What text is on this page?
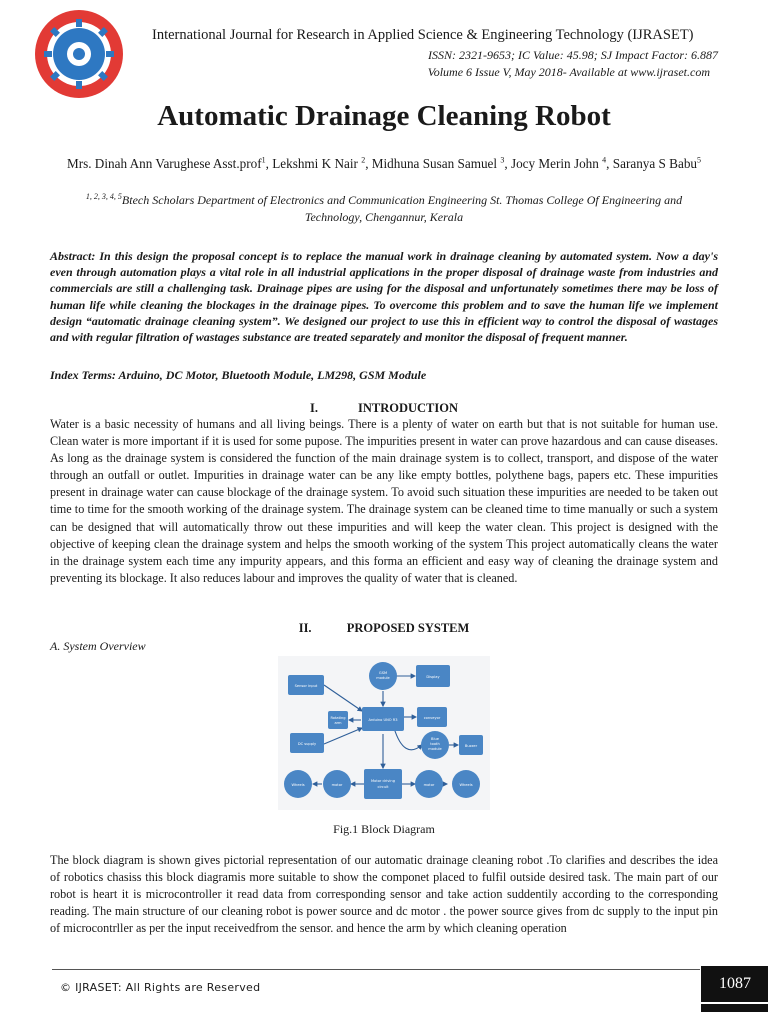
International Journal for Research in Applied Science & Engineering Technology (IJRASET)
ISSN: 2321-9653; IC Value: 45.98; SJ Impact Factor: 6.887
Volume 6 Issue V, May 2018- Available at www.ijraset.com
Automatic Drainage Cleaning Robot
Mrs. Dinah Ann Varughese Asst.prof$^1$, Lekshmi K Nair $^2$, Midhuna Susan Samuel $^3$, Jocy Merin John $^4$, Saranya S Babu$^5$
$^{1, 2, 3, 4, 5}$Btech Scholars Department of Electronics and Communication Engineering St. Thomas College Of Engineering and Technology, Chengannur, Kerala
Abstract: In this design the proposal concept is to replace the manual work in drainage cleaning by automated system. Now a day's even through automation plays a vital role in all industrial applications in the proper disposal of drainage waste from industries and commercials are still a challenging task. Drainage pipes are using for the disposal and unfortunately sometimes there may be loss of human life while cleaning the blockages in the drainage pipes. To overcome this problem and to save the human life we implement design “automatic drainage cleaning system”. We designed our project to use this in efficient way to control the disposal of wastages and with regular filtration of wastages substance are treated separately and monitor the disposal of frequent manner.
Index Terms: Arduino, DC Motor, Bluetooth Module, LM298, GSM Module
I.	INTRODUCTION
Water is a basic necessity of humans and all living beings. There is a plenty of water on earth but that is not suitable for human use. Clean water is more important if it is used for some pupose. The impurities present in water can prove hazardous and can cause diseases. As long as the drainage system is considered the function of the main drainage system is to collect, transport, and dispose of the water through an outfall or outlet. Impurities in drainage water can be any like empty bottles, polythene bags, papers etc. These impurities present in drainage water can cause blockage of the drainage system. To avoid such situation these impurities are needed to be taken out time to time for the smooth working of the drainage system. The drainage system can be cleaned time to time manually or such a system can be designed that will automatically throw out these impurities and will keep the water clean. This project is designed with the objective of keeping clean the drainage system and helps the smooth working of the system This project automatically cleans the water in the drainage system each time any impurity appears, and this forma an efficient and easy way of cleaning the drainage system and preventing its blockage. It also reduces labour and improves the quality of water that is cleaned.
II.	PROPOSED SYSTEM
A. System Overview
Sensor input
GSM
module	Display
Rotating
arm
Arduino UNO R3	conveyor
DC supply
Blue
tooth
module
Buzzer
Wheels	motor
Motor driving
circuit	motor	Wheels
Fig.1 Block Diagram
The block diagram is shown gives pictorial representation of our automatic drainage cleaning robot .To clarifies and describes the idea of robotics chasiss this block diagramis more suitable to show the componet placed to fulfil outside desired task. The main part of our robot is heart it is microcontroller it read data from corresponding sensor and take action suddentily according to the corresponding reading. The main structure of our cleaning robot is power source and dc motor . the power source gives from dc supply to the input pin of microcontrller as per the input receivedfrom the sensor. and hence the arm by which cleaning operation
© IJRASET: All Rights are Reserved	1087
